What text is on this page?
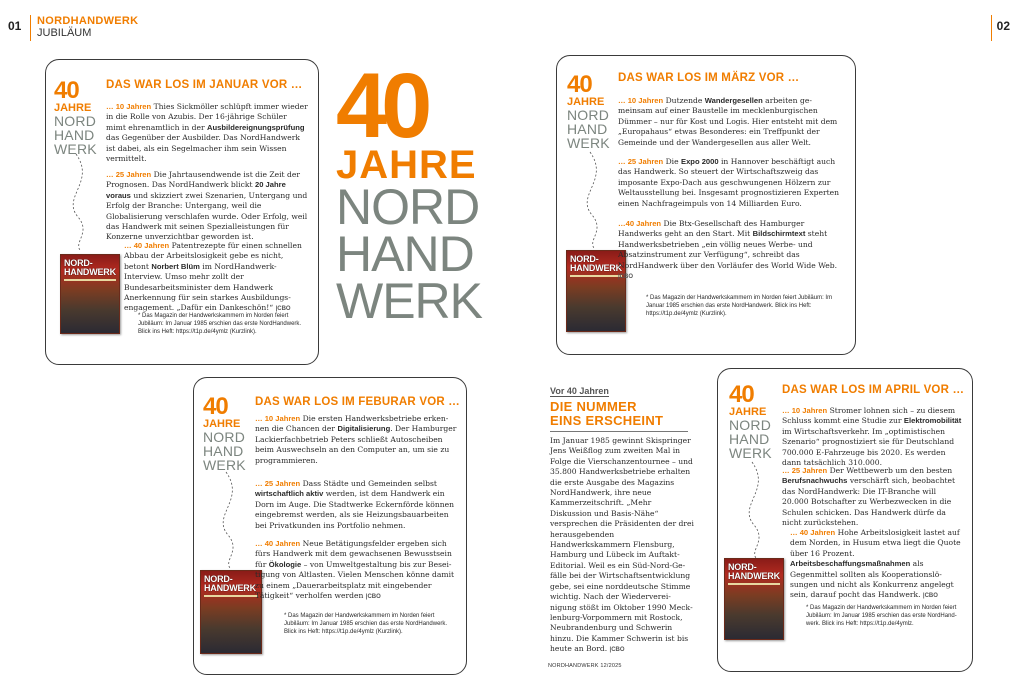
01 NORDHANDWERK
JUBILÄUM	02
40
JAHRE
NORD
HAND
WERK
DAS WAR LOS IM JANUAR VOR …
… 10 Jahren Thies Sickmöller schlüpft immer wieder in die Rolle von Azubis. Der 16-jährige Schüler mimt ehrenamtlich in der Ausbildereignungsprüfung das Gegenüber der Ausbilder. Das NordHandwerk ist dabei, als ein Segelmacher ihm sein Wissen vermittelt.
… 25 Jahren Die Jahrtausendwende ist die Zeit der Prognosen. Das NordHandwerk blickt 20 Jahre voraus und skizziert zwei Szenarien, Untergang und Erfolg der Branche: Untergang, weil die Globalisierung verschlafen wurde. Oder Erfolg, weil das Handwerk mit seinen Spezialleistungen für Konzerne unverzichtbar geworden ist.
NORD-
HANDWERK
… 40 Jahren Patentrezepte für einen schnellen Abbau der Arbeitslosigkeit gebe es nicht, betont Norbert Blüm im NordHandwerk-Interview. Umso mehr zollt der Bundesarbeitsminister dem Handwerk Anerkennung für sein starkes Ausbildungsengagement. „Dafür ein Dankeschön!“ |CBO
* Das Magazin der Handwerkskammern im Norden feiert Jubiläum: Im Januar 1985 erschien das erste NordHandwerk. Blick ins Heft: https://t1p.de/4ymlz (Kurzlink).
40
JAHRE
NORD
HAND
WERK
40
JAHRE
NORD
HAND
WERK
DAS WAR LOS IM FEBURAR VOR …
… 10 Jahren Die ersten Handwerksbetriebe erkennen die Chancen der Digitalisierung. Der Hamburger Lackierfachbetrieb Peters schließt Autoscheiben beim Auswechseln an den Computer an, um sie zu programmieren.
… 25 Jahren Dass Städte und Gemeinden selbst wirtschaftlich aktiv werden, ist dem Handwerk ein Dorn im Auge. Die Stadtwerke Eckernförde können eingebremst werden, als sie Heizungsbauarbeiten bei Privatkunden ins Portfolio nehmen.
NORD-
HANDWERK
… 40 Jahren Neue Betätigungsfelder ergeben sich fürs Handwerk mit dem gewachsenen Bewusstsein für Ökologie – von Umweltgestaltung bis zur Beseitigung von Altlasten. Vielen Menschen könne damit zu einem „Dauerarbeitsplatz mit eingebender Tätigkeit“ verholfen werden |CBO
* Das Magazin der Handwerkskammern im Norden feiert Jubiläum: Im Januar 1985 erschien das erste NordHandwerk. Blick ins Heft: https://t1p.de/4ymlz (Kurzlink).
40
JAHRE
NORD
HAND
WERK
DAS WAR LOS IM MÄRZ VOR …
… 10 Jahren Dutzende Wandergesellen arbeiten gemeinsam auf einer Baustelle im mecklenburgischen Dümmer – nur für Kost und Logis. Hier entsteht mit dem „Europahaus“ etwas Besonderes: ein Treffpunkt der Gemeinde und der Wandergesellen aus aller Welt.
… 25 Jahren Die Expo 2000 in Hannover beschäftigt auch das Handwerk. So steuert der Wirtschaftszweig das imposante Expo-Dach aus geschwungenen Hölzern zur Weltausstellung bei. Insgesamt prognostizieren Experten einen Nachfrageimpuls von 14 Milliarden Euro.
NORD-
HANDWERK
…40 Jahren Die Btx-Gesellschaft des Hamburger Handwerks geht an den Start. Mit Bildschirmtext steht Handwerksbetrieben „ein völlig neues Werbe- und Absatzinstrument zur Verfügung“, schreibt das NordHandwerk über den Vorläufer des World Wide Web. |CBO
* Das Magazin der Handwerkskammern im Norden feiert Jubiläum: Im Januar 1985 erschien das erste NordHandwerk. Blick ins Heft: https://t1p.de/4ymlz (Kurzlink).
Vor 40 Jahren
DIE NUMMER
EINS ERSCHEINT
Im Januar 1985 gewinnt Skispringer Jens Weißflog zum zweiten Mal in Folge die Vierschanzentournee – und 35.800 Handwerksbetriebe erhalten die erste Ausgabe des Magazins NordHandwerk, ihre neue Kammerzeitschrift. „Mehr Diskussion und Basis-Nähe“ versprechen die Präsidenten der drei herausgebenden Handwerkskammern Flensburg, Hamburg und Lübeck im Auftakt-Editorial. Weil es ein Süd-Nord-Gefälle bei der Wirtschaftsentwicklung gebe, sei eine norddeutsche Stimme wichtig. Nach der Wiedervereinigung stößt im Oktober 1990 Mecklenburg-Vorpommern mit Rostock, Neubrandenburg und Schwerin hinzu. Die Kammer Schwerin ist bis heute an Bord. |CBO
NORDHANDWERK 12/2025
40
JAHRE
NORD
HAND
WERK
DAS WAR LOS IM APRIL VOR …
… 10 Jahren Stromer lohnen sich – zu diesem Schluss kommt eine Studie zur Elektromobilität im Wirtschaftsverkehr. Im „optimistischen Szenario“ prognostiziert sie für Deutschland 700.000 E-Fahrzeuge bis 2020. Es werden dann tatsächlich 310.000.
… 25 Jahren Der Wettbewerb um den besten Berufsnachwuchs verschärft sich, beobachtet das NordHandwerk: Die IT-Branche will 20.000 Botschafter zu Werbezwecken in die Schulen schicken. Das Handwerk dürfe da nicht zurückstehen.
NORD-
HANDWERK
… 40 Jahren Hohe Arbeitslosigkeit lastet auf dem Norden, in Husum etwa liegt die Quote über 16 Prozent. Arbeitsbeschaffungsmaßnahmen als Gegenmittel sollten als Kooperationslösungen und nicht als Konkurrenz angelegt sein, darauf pocht das Handwerk. |CBO
* Das Magazin der Handwerkskammern im Norden feiert Jubiläum: Im Januar 1985 erschien das erste NordHandwerk. Blick ins Heft: https://t1p.de/4ymlz.
